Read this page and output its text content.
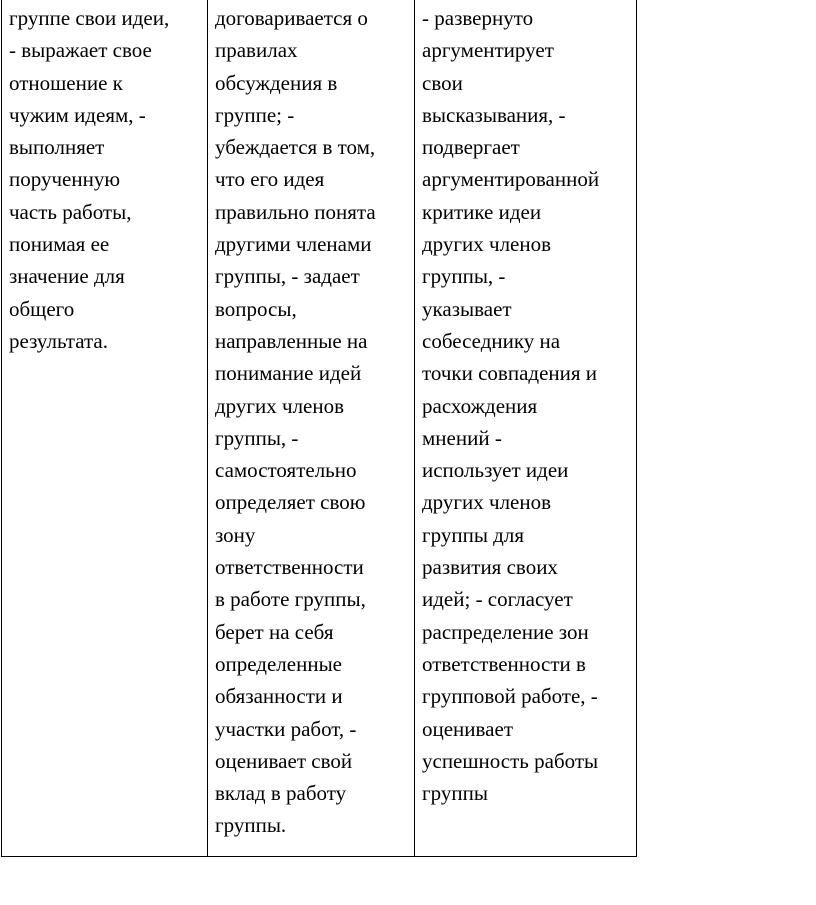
группе свои идеи,
- выражает свое
отношение к
чужим идеям, -
выполняет
порученную
часть работы,
понимая ее
значение для
общего
результата.

договаривается о
правилах
обсуждения в
группе; -
убеждается в том,
что его идея
правильно понята
другими членами
группы, - задает
вопросы,
направленные на
понимание идей
других членов
группы, -
самостоятельно
определяет свою
зону
ответственности
в работе группы,
берет на себя
определенные
обязанности и
участки работ, -
оценивает свой
вклад в работу
группы.

- развернуто
аргументирует
свои
высказывания, -
подвергает
аргументированной
критике идеи
других членов
группы, -
указывает
собеседнику на
точки совпадения и
расхождения
мнений -
использует идеи
других членов
группы для
развития своих
идей; - согласует
распределение зон
ответственности в
групповой работе, -
оценивает
успешность работы
группы
